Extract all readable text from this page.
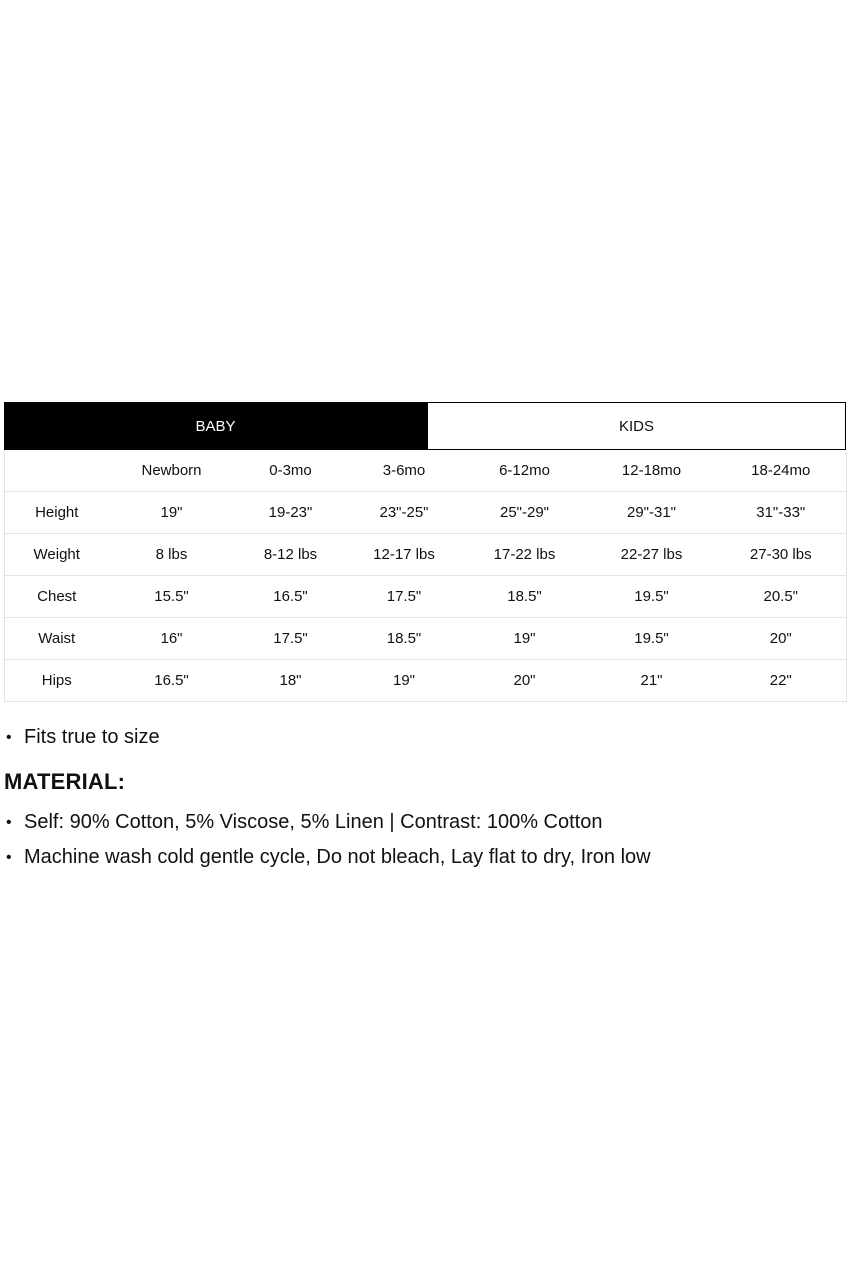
BABY	KIDS
	Newborn	0-3mo	3-6mo	6-12mo	12-18mo	18-24mo
Height	19"	19-23"	23"-25"	25"-29"	29"-31"	31"-33"
Weight	8 lbs	8-12 lbs	12-17 lbs	17-22 lbs	22-27 lbs	27-30 lbs
Chest	15.5"	16.5"	17.5"	18.5"	19.5"	20.5"
Waist	16"	17.5"	18.5"	19"	19.5"	20"
Hips	16.5"	18"	19"	20"	21"	22"
• Fits true to size
MATERIAL:
• Self: 90% Cotton, 5% Viscose, 5% Linen | Contrast: 100% Cotton
• Machine wash cold gentle cycle, Do not bleach, Lay flat to dry, Iron low
